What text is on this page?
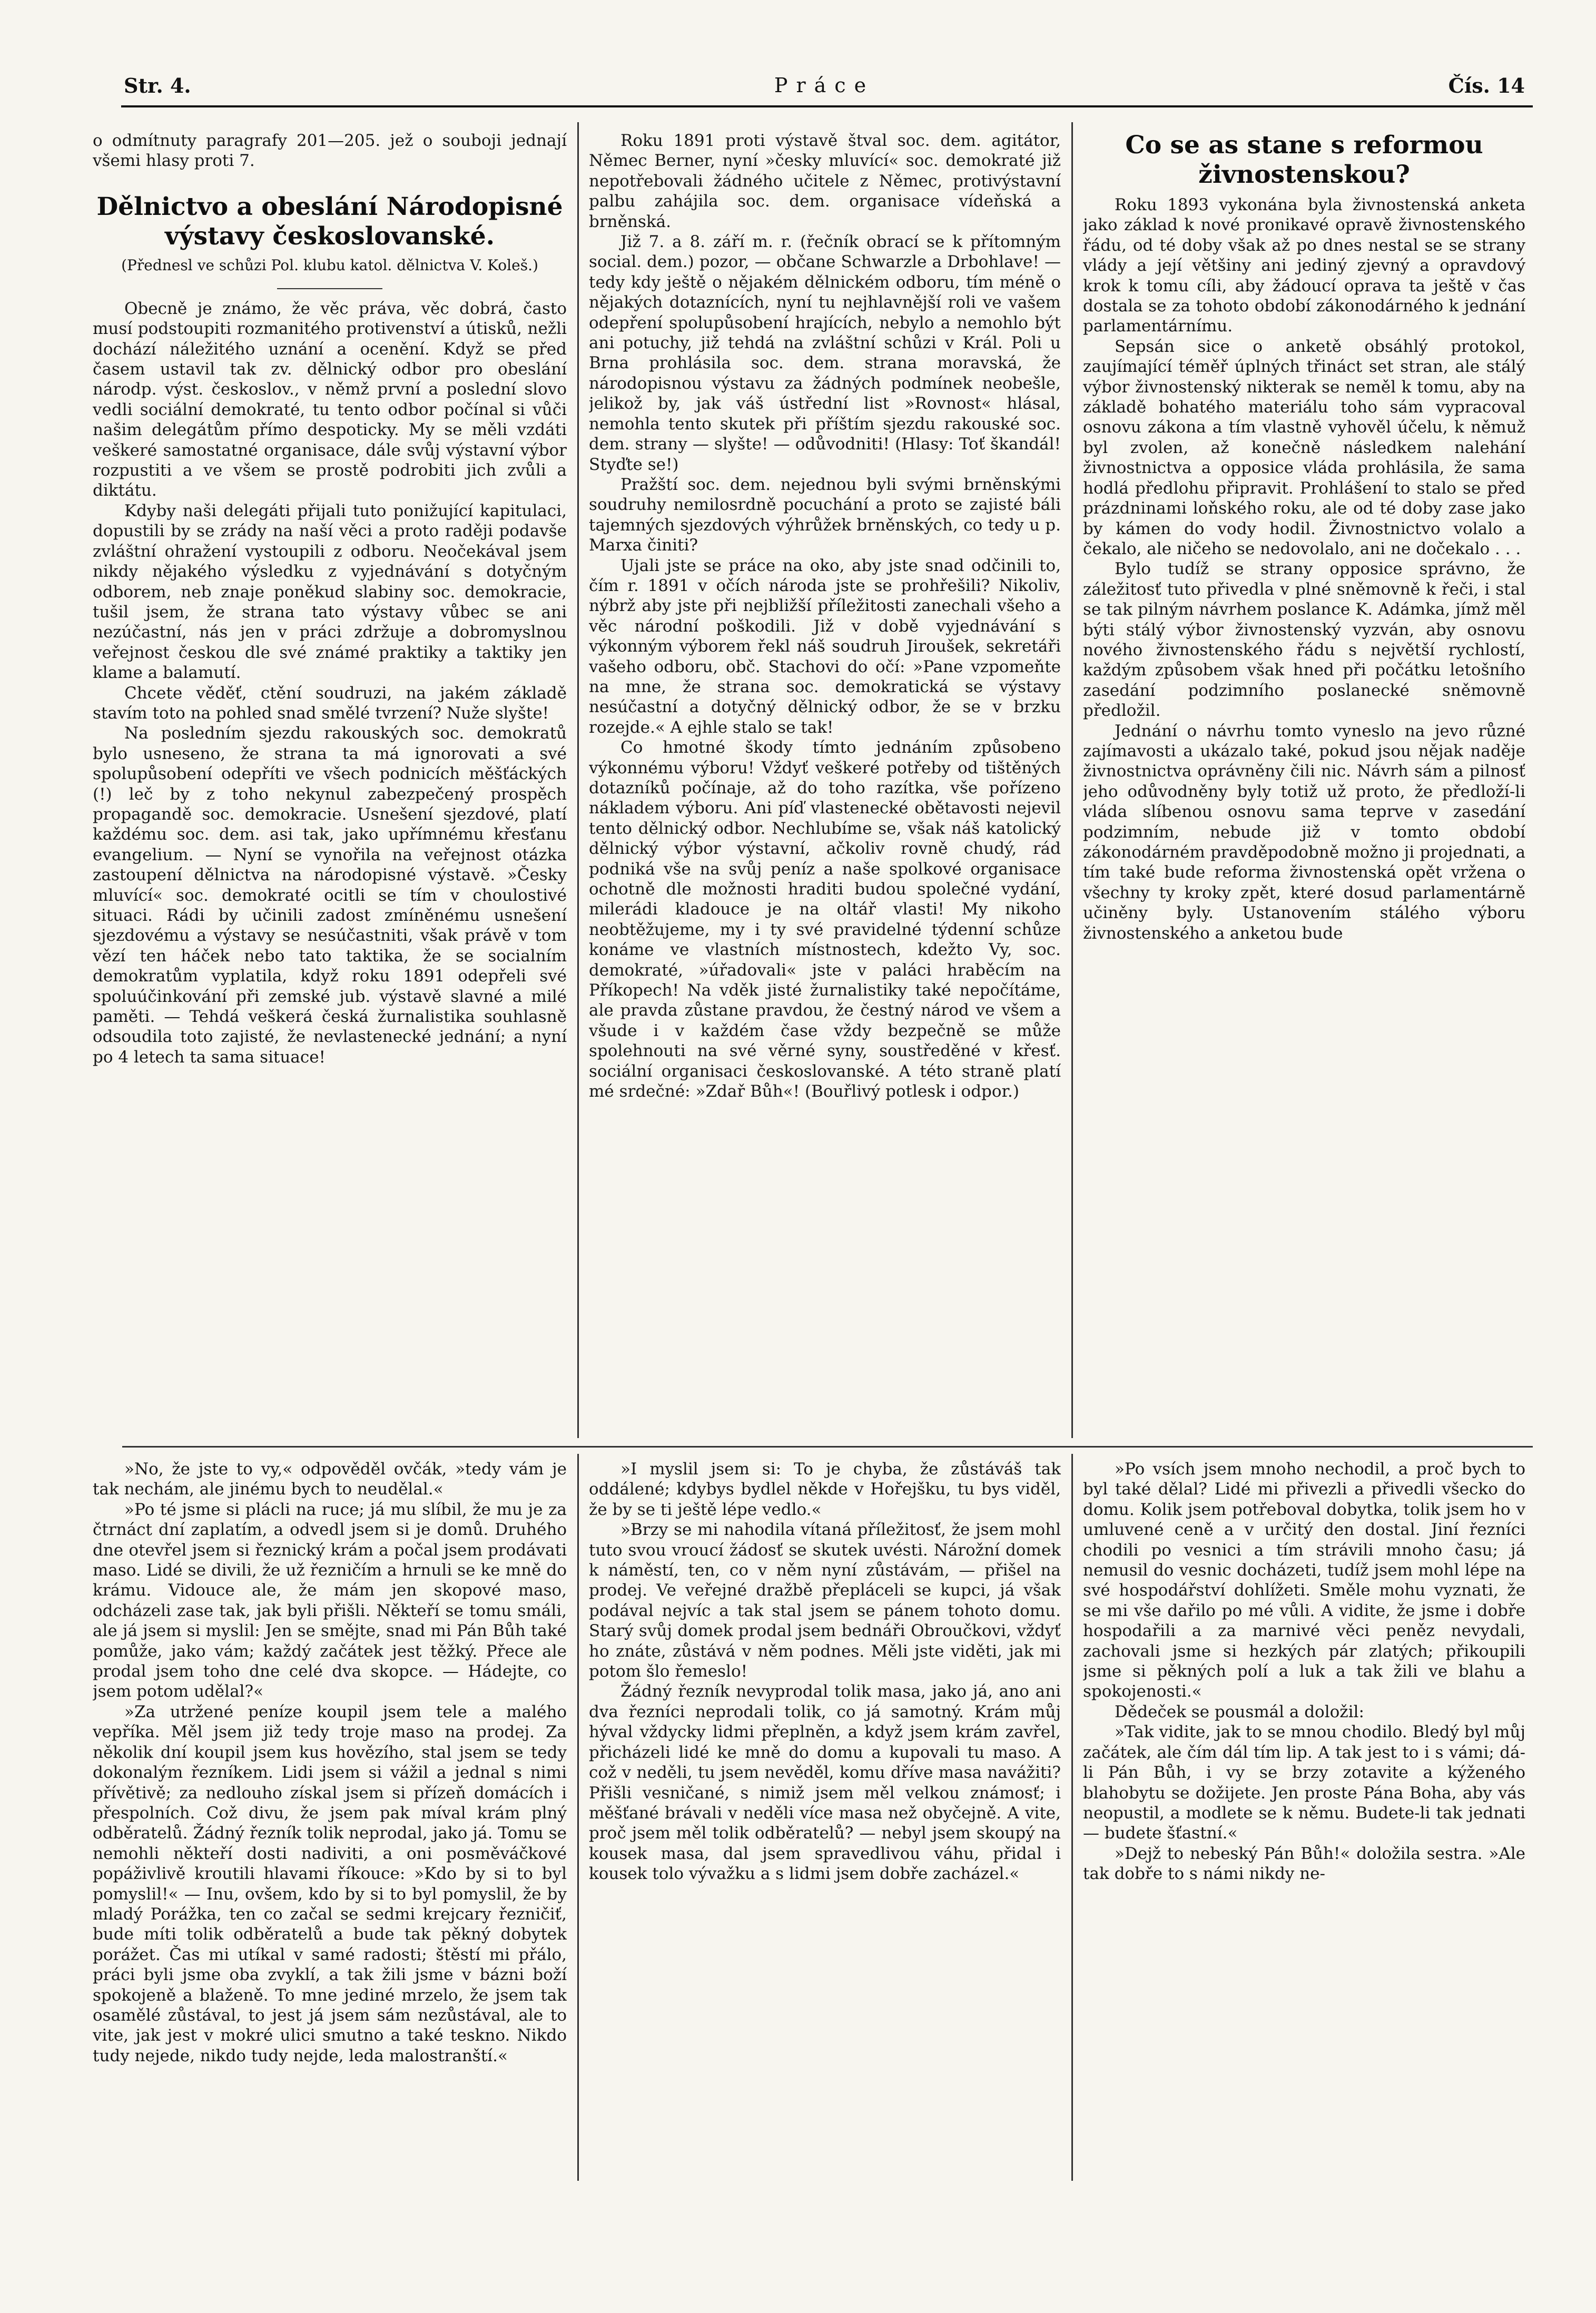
Str. 4.	Práce	Čís. 14

o odmítnuty paragrafy 201—205. jež o souboji jednají všemi hlasy proti 7.

Dělnictvo a obeslání Národopisné výstavy českoslovanské.
(Přednesl ve schůzi Pol. klubu katol. dělnictva V. Koleš.)

Obecně je známo, že věc práva, věc dobrá, často musí podstoupiti rozmanitého protivenství a útisků, nežli dochází náležitého uznání a ocenění. Když se před časem ustavil tak zv. dělnický odbor pro obeslání národp. výst. českoslov., v němž první a poslední slovo vedli sociální demokraté, tu tento odbor počínal si vůči našim delegátům přímo despoticky. My se měli vzdáti veškeré samostatné organisace, dále svůj výstavní výbor rozpustiti a ve všem se prostě podrobiti jich zvůli a diktátu.

Kdyby naši delegáti přijali tuto ponižující kapitulaci, dopustili by se zrády na naší věci a proto raději podavše zvláštní ohražení vystoupili z odboru. Neočekával jsem nikdy nějakého výsledku z vyjednávání s dotyčným odborem, neb znaje poněkud slabiny soc. demokracie, tušil jsem, že strana tato výstavy vůbec se ani nezúčastní, nás jen v práci zdržuje a dobromyslnou veřejnost českou dle své známé praktiky a taktiky jen klame a balamutí.

Chcete věděť, ctění soudruzi, na jakém základě stavím toto na pohled snad smělé tvrzení? Nuže slyšte!

Na posledním sjezdu rakouských soc. demokratů bylo usneseno, že strana ta má ignorovati a své spolupůsobení odepříti ve všech podnicích měšťáckých (!) leč by z toho nekynul zabezpečený prospěch propagandě soc. demokracie. Usnešení sjezdové, platí každému soc. dem. asi tak, jako upřímnému křesťanu evangelium. — Nyní se vynořila na veřejnost otázka zastoupení dělnictva na národopisné výstavě. »Česky mluvící« soc. demokraté ocitli se tím v choulostivé situaci. Rádi by učinili zadost zmíněnému usnešení sjezdovému a výstavy se nesúčastniti, však právě v tom vězí ten háček nebo tato taktika, že se socialním demokratům vyplatila, když roku 1891 odepřeli své spoluúčinkování při zemské jub. výstavě slavné a milé paměti. — Tehdá veškerá česká žurnalistika souhlasně odsoudila toto zajisté, že nevlastenecké jednání; a nyní po 4 letech ta sama situace!

Roku 1891 proti výstavě štval soc. dem. agitátor, Němec Berner, nyní »česky mluvící« soc. demokraté již nepotřebovali žádného učitele z Němec, protivýstavní palbu zahájila soc. dem. organisace vídeňská a brněnská.

Již 7. a 8. září m. r. (řečník obrací se k přítomným social. dem.) pozor, — občane Schwarzle a Drbohlave! — tedy kdy ještě o nějakém dělnickém odboru, tím méně o nějakých dotaznících, nyní tu nejhlavnější roli ve vašem odepření spolupůsobení hrajících, nebylo a nemohlo být ani potuchy, již tehdá na zvláštní schůzi v Král. Poli u Brna prohlásila soc. dem. strana moravská, že národopisnou výstavu za žádných podmínek neobešle, jelikož by, jak váš ústřední list »Rovnost« hlásal, nemohla tento skutek při příštím sjezdu rakouské soc. dem. strany — slyšte! — odůvodniti! (Hlasy: Toť škandál! Styďte se!)

Pražští soc. dem. nejednou byli svými brněnskými soudruhy nemilosrdně pocuchání a proto se zajisté báli tajemných sjezdových výhrůžek brněnských, co tedy u p. Marxa činiti?

Ujali jste se práce na oko, aby jste snad odčinili to, čím r. 1891 v očích národa jste se prohřešili? Nikoliv, nýbrž aby jste při nejbližší příležitosti zanechali všeho a věc národní poškodili. Již v době vyjednávání s výkonným výborem řekl náš soudruh Jiroušek, sekretáři vašeho odboru, obč. Stachovi do očí: »Pane vzpomeňte na mne, že strana soc. demokratická se výstavy nesúčastní a dotyčný dělnický odbor, že se v brzku rozejde.« A ejhle stalo se tak!

Co hmotné škody tímto jednáním způsobeno výkonnému výboru! Vždyť veškeré potřeby od tištěných dotazníků počínaje, až do toho razítka, vše pořízeno nákladem výboru. Ani píď vlastenecké obětavosti nejevil tento dělnický odbor. Nechlubíme se, však náš katolický dělnický výbor výstavní, ačkoliv rovně chudý, rád podniká vše na svůj peníz a naše spolkové organisace ochotně dle možnosti hraditi budou společné vydání, milerádi kladouce je na oltář vlasti! My nikoho neobtěžujeme, my i ty své pravidelné týdenní schůze konáme ve vlastních místnostech, kdežto Vy, soc. demokraté, »úřadovali« jste v paláci hraběcím na Příkopech! Na vděk jisté žurnalistiky také nepočítáme, ale pravda zůstane pravdou, že čestný národ ve všem a všude i v každém čase vždy bezpečně se může spolehnouti na své věrné syny, soustředěné v křesť. sociální organisaci českoslovanské. A této straně platí mé srdečné: »Zdař Bůh«! (Bouřlivý potlesk i odpor.)

Co se as stane s reformou živnostenskou?

Roku 1893 vykonána byla živnostenská anketa jako základ k nové pronikavé opravě živnostenského řádu, od té doby však až po dnes nestal se se strany vlády a její většiny ani jediný zjevný a opravdový krok k tomu cíli, aby žádoucí oprava ta ještě v čas dostala se za tohoto období zákonodárného k jednání parlamentárnímu.

Sepsán sice o anketě obsáhlý protokol, zaujímající téměř úplných třináct set stran, ale stálý výbor živnostenský nikterak se neměl k tomu, aby na základě bohatého materiálu toho sám vypracoval osnovu zákona a tím vlastně vyhověl účelu, k němuž byl zvolen, až konečně následkem nalehání živnostnictva a opposice vláda prohlásila, že sama hodlá předlohu připravit. Prohlášení to stalo se před prázdninami loňského roku, ale od té doby zase jako by kámen do vody hodil. Živnostnictvo volalo a čekalo, ale ničeho se nedovolalo, ani ne dočekalo . . .

Bylo tudíž se strany opposice správno, že záležitosť tuto přivedla v plné sněmovně k řeči, i stal se tak pilným návrhem poslance K. Adámka, jímž měl býti stálý výbor živnostenský vyzván, aby osnovu nového živnostenského řádu s největší rychlostí, každým způsobem však hned při počátku letošního zasedání podzimního poslanecké sněmovně předložil.

Jednání o návrhu tomto vyneslo na jevo různé zajímavosti a ukázalo také, pokud jsou nějak naděje živnostnictva oprávněny čili nic. Návrh sám a pilnosť jeho odůvodněny byly totiž už proto, že předloží-li vláda slíbenou osnovu sama teprve v zasedání podzimním, nebude již v tomto období zákonodárném pravděpodobně možno ji projednati, a tím také bude reforma živnostenská opět vržena o všechny ty kroky zpět, které dosud parlamentárně učiněny byly. Ustanovením stálého výboru živnostenského a anketou bude

»No, že jste to vy,« odpověděl ovčák, »tedy vám je tak nechám, ale jinému bych to neudělal.«

»Po té jsme si plácli na ruce; já mu slíbil, že mu je za čtrnáct dní zaplatím, a odvedl jsem si je domů. Druhého dne otevřel jsem si řeznický krám a počal jsem prodávati maso. Lidé se divili, že už řezničím a hrnuli se ke mně do krámu. Vidouce ale, že mám jen skopové maso, odcházeli zase tak, jak byli přišli. Někteří se tomu smáli, ale já jsem si myslil: Jen se smějte, snad mi Pán Bůh také pomůže, jako vám; každý začátek jest těžký. Přece ale prodal jsem toho dne celé dva skopce. — Hádejte, co jsem potom udělal?«

»Za utržené peníze koupil jsem tele a malého vepříka. Měl jsem již tedy troje maso na prodej. Za několik dní koupil jsem kus hovězího, stal jsem se tedy dokonalým řezníkem. Lidi jsem si vážil a jednal s nimi přívětivě; za nedlouho získal jsem si přízeň domácích i přespolních. Což divu, že jsem pak míval krám plný odběratelů. Žádný řezník tolik neprodal, jako já. Tomu se nemohli někteří dosti nadiviti, a oni posměváčkové popáživlivě kroutili hlavami říkouce: »Kdo by si to byl pomyslil!« — Inu, ovšem, kdo by si to byl pomyslil, že by mladý Porážka, ten co začal se sedmi krejcary řezničiť, bude míti tolik odběratelů a bude tak pěkný dobytek porážet. Čas mi utíkal v samé radosti; štěstí mi přálo, práci byli jsme oba zvyklí, a tak žili jsme v bázni boží spokojeně a blaženě. To mne jediné mrzelo, že jsem tak osamělé zůstával, to jest já jsem sám nezůstával, ale to vite, jak jest v mokré ulici smutno a také teskno. Nikdo tudy nejede, nikdo tudy nejde, leda malostranští.«

»I myslil jsem si: To je chyba, že zůstáváš tak oddálené; kdybys bydlel někde v Hořejšku, tu bys viděl, že by se ti ještě lépe vedlo.«

»Brzy se mi nahodila vítaná příležitosť, že jsem mohl tuto svou vroucí žádosť se skutek uvésti. Nárožní domek k náměstí, ten, co v něm nyní zůstávám, — přišel na prodej. Ve veřejné dražbě přepláceli se kupci, já však podával nejvíc a tak stal jsem se pánem tohoto domu. Starý svůj domek prodal jsem bednáři Obroučkovi, vždyť ho znáte, zůstává v něm podnes. Měli jste viděti, jak mi potom šlo řemeslo!

Žádný řezník nevyprodal tolik masa, jako já, ano ani dva řezníci neprodali tolik, co já samotný. Krám můj hýval vždycky lidmi přeplněn, a když jsem krám zavřel, přicházeli lidé ke mně do domu a kupovali tu maso. A což v neděli, tu jsem nevěděl, komu dříve masa navážiti? Přišli vesničané, s nimiž jsem měl velkou známosť; i měšťané brávali v neděli více masa než obyčejně. A vite, proč jsem měl tolik odběratelů? — nebyl jsem skoupý na kousek masa, dal jsem spravedlivou váhu, přidal i kousek tolo vývažku a s lidmi jsem dobře zacházel.«

»Po vsích jsem mnoho nechodil, a proč bych to byl také dělal? Lidé mi přivezli a přivedli všecko do domu. Kolik jsem potřeboval dobytka, tolik jsem ho v umluvené ceně a v určitý den dostal. Jiní řezníci chodili po vesnici a tím strávili mnoho času; já nemusil do vesnic docházeti, tudíž jsem mohl lépe na své hospodářství dohlížeti. Směle mohu vyznati, že se mi vše dařilo po mé vůli. A vidite, že jsme i dobře hospodařili a za marnivé věci peněz nevydali, zachovali jsme si hezkých pár zlatých; přikoupili jsme si pěkných polí a luk a tak žili ve blahu a spokojenosti.«

Dědeček se pousmál a doložil:

»Tak vidite, jak to se mnou chodilo. Bledý byl můj začátek, ale čím dál tím lip. A tak jest to i s vámi; dá-li Pán Bůh, i vy se brzy zotavite a kýženého blahobytu se dožijete. Jen proste Pána Boha, aby vás neopustil, a modlete se k němu. Budete-li tak jednati — budete šťastní.«

»Dejž to nebeský Pán Bůh!« doložila sestra. »Ale tak dobře to s námi nikdy ne-
